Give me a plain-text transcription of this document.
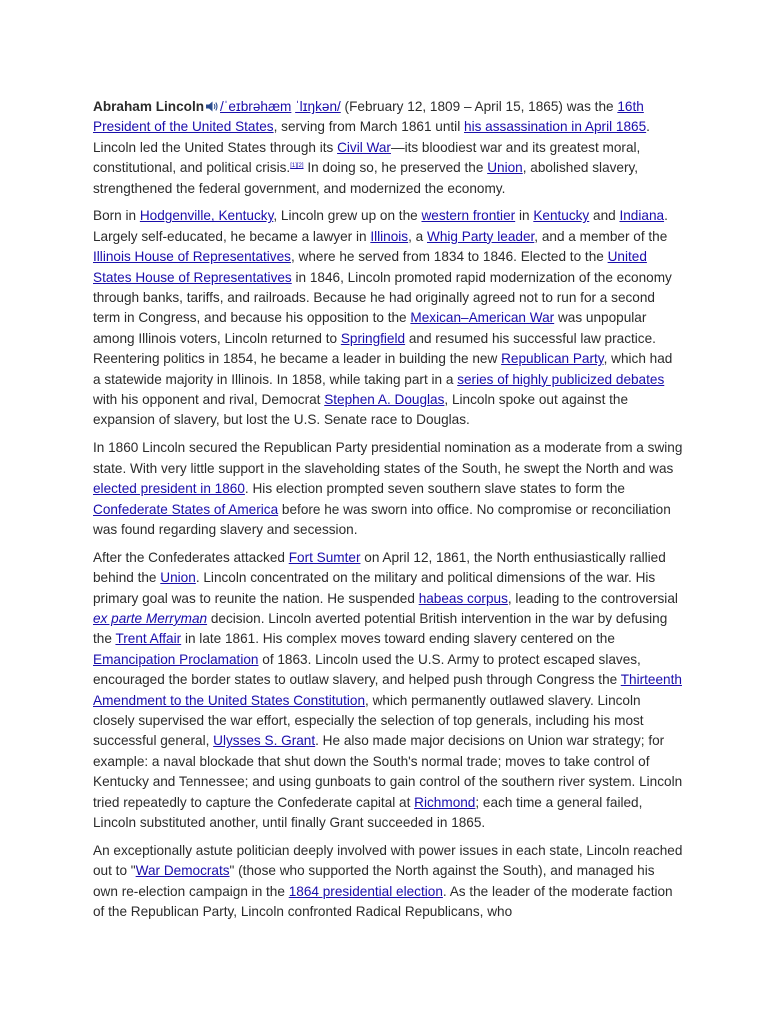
Abraham Lincoln /ˈeɪbrəhæm ˈlɪŋkən/ (February 12, 1809 – April 15, 1865) was the 16th President of the United States, serving from March 1861 until his assassination in April 1865. Lincoln led the United States through its Civil War—its bloodiest war and its greatest moral, constitutional, and political crisis.[1][2] In doing so, he preserved the Union, abolished slavery, strengthened the federal government, and modernized the economy.

Born in Hodgenville, Kentucky, Lincoln grew up on the western frontier in Kentucky and Indiana. Largely self-educated, he became a lawyer in Illinois, a Whig Party leader, and a member of the Illinois House of Representatives, where he served from 1834 to 1846. Elected to the United States House of Representatives in 1846, Lincoln promoted rapid modernization of the economy through banks, tariffs, and railroads. Because he had originally agreed not to run for a second term in Congress, and because his opposition to the Mexican–American War was unpopular among Illinois voters, Lincoln returned to Springfield and resumed his successful law practice. Reentering politics in 1854, he became a leader in building the new Republican Party, which had a statewide majority in Illinois. In 1858, while taking part in a series of highly publicized debates with his opponent and rival, Democrat Stephen A. Douglas, Lincoln spoke out against the expansion of slavery, but lost the U.S. Senate race to Douglas.

In 1860 Lincoln secured the Republican Party presidential nomination as a moderate from a swing state. With very little support in the slaveholding states of the South, he swept the North and was elected president in 1860. His election prompted seven southern slave states to form the Confederate States of America before he was sworn into office. No compromise or reconciliation was found regarding slavery and secession.

After the Confederates attacked Fort Sumter on April 12, 1861, the North enthusiastically rallied behind the Union. Lincoln concentrated on the military and political dimensions of the war. His primary goal was to reunite the nation. He suspended habeas corpus, leading to the controversial ex parte Merryman decision. Lincoln averted potential British intervention in the war by defusing the Trent Affair in late 1861. His complex moves toward ending slavery centered on the Emancipation Proclamation of 1863. Lincoln used the U.S. Army to protect escaped slaves, encouraged the border states to outlaw slavery, and helped push through Congress the Thirteenth Amendment to the United States Constitution, which permanently outlawed slavery. Lincoln closely supervised the war effort, especially the selection of top generals, including his most successful general, Ulysses S. Grant. He also made major decisions on Union war strategy; for example: a naval blockade that shut down the South's normal trade; moves to take control of Kentucky and Tennessee; and using gunboats to gain control of the southern river system. Lincoln tried repeatedly to capture the Confederate capital at Richmond; each time a general failed, Lincoln substituted another, until finally Grant succeeded in 1865.

An exceptionally astute politician deeply involved with power issues in each state, Lincoln reached out to "War Democrats" (those who supported the North against the South), and managed his own re-election campaign in the 1864 presidential election. As the leader of the moderate faction of the Republican Party, Lincoln confronted Radical Republicans, who
